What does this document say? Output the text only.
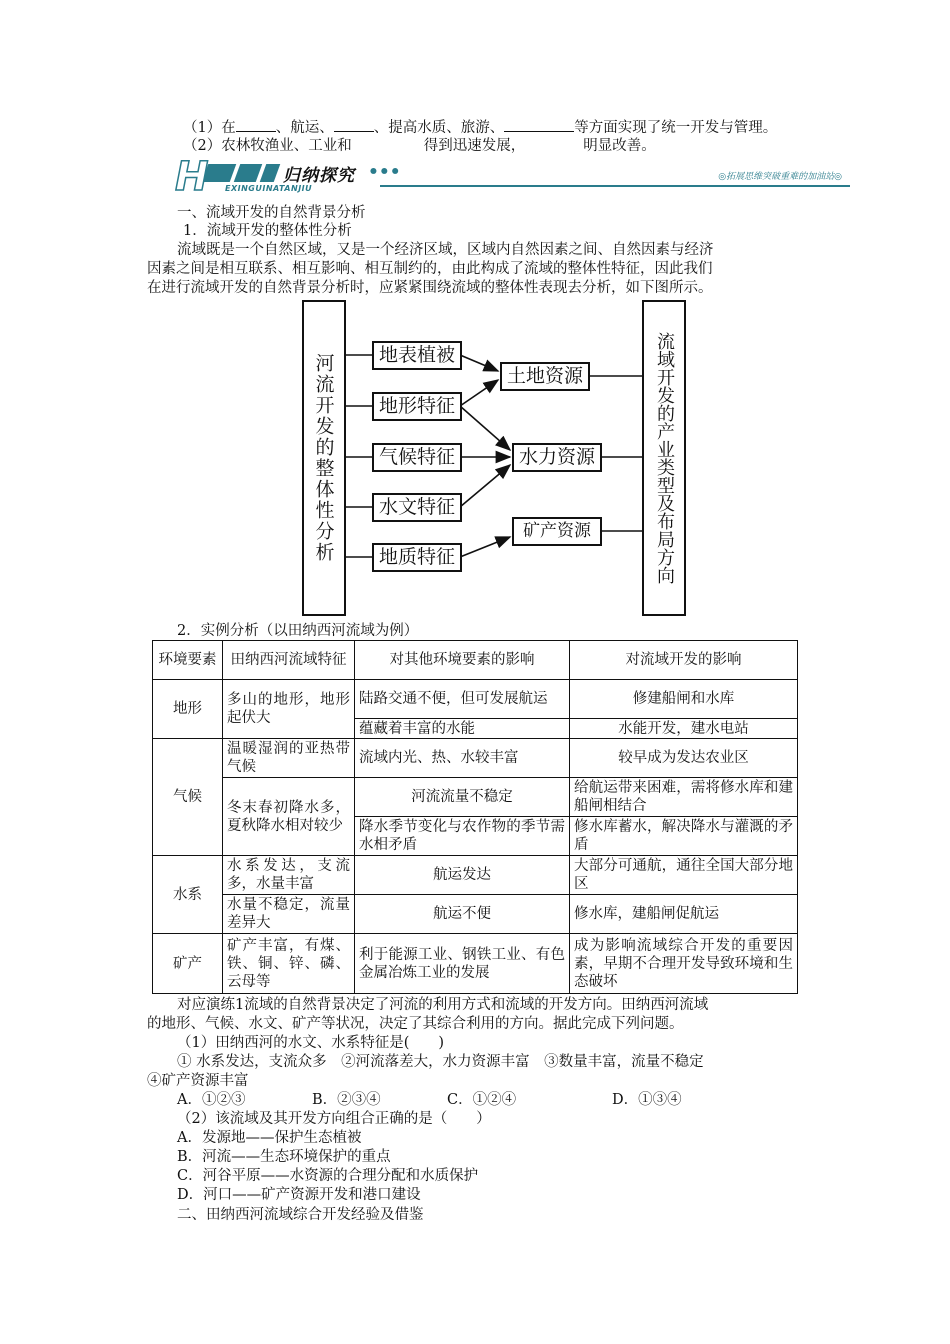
（1）在	、航运、	、提高水质、旅游、	等方面实现了统一开发与管理。
（2）农林牧渔业、工业和	得到迅速发展，	明显改善。
H	归纳探究 •••
EXINGUINATANJIU
◎拓展思维突破重难的加油站◎
一、流域开发的自然背景分析
1．流域开发的整体性分析
流域既是一个自然区域，又是一个经济区域，区域内自然因素之间、自然因素与经济
因素之间是相互联系、相互影响、相互制约的，由此构成了流域的整体性特征，因此我们
在进行流域开发的自然背景分析时，应紧紧围绕流域的整体性表现去分析，如下图所示。
河流开发的整体性分析	地表植被
地形特征
气候特征
水文特征
地质特征
土地资源
水力资源
矿产资源	流域开发的产业类型及布局方向
2．实例分析（以田纳西河流域为例）
环境要素	田纳西河流域特征	对其他环境要素的影响	对流域开发的影响
地形	多山的地形，地形起伏大	陆路交通不便，但可发展航运	修建船闸和水库
		蕴藏着丰富的水能	水能开发，建水电站
气候	温暖湿润的亚热带气候	流域内光、热、水较丰富	较早成为发达农业区
	冬末春初降水多，夏秋降水相对较少	河流流量不稳定	给航运带来困难，需将修水库和建船闸相结合
		降水季节变化与农作物的季节需水相矛盾	修水库蓄水，解决降水与灌溉的矛盾
水系	水系发达，支流多，水量丰富	航运发达	大部分可通航，通往全国大部分地区
	水量不稳定，流量差异大	航运不便	修水库，建船闸促航运
矿产	矿产丰富，有煤、铁、铜、锌、磷、云母等	利于能源工业、钢铁工业、有色金属冶炼工业的发展	成为影响流域综合开发的重要因素，早期不合理开发导致环境和生态破坏
对应演练1流域的自然背景决定了河流的利用方式和流域的开发方向。田纳西河流域
的地形、气候、水文、矿产等状况，决定了其综合利用的方向。据此完成下列问题。
（1）田纳西河的水文、水系特征是(　　)
① 水系发达，支流众多　②河流落差大，水力资源丰富　③数量丰富，流量不稳定
④矿产资源丰富
A．①②③	B．②③④	C．①②④	D．①③④
（2）该流域及其开发方向组合正确的是（　　）
A．发源地——保护生态植被
B．河流——生态环境保护的重点
C．河谷平原——水资源的合理分配和水质保护
D．河口——矿产资源开发和港口建设
二、田纳西河流域综合开发经验及借鉴
